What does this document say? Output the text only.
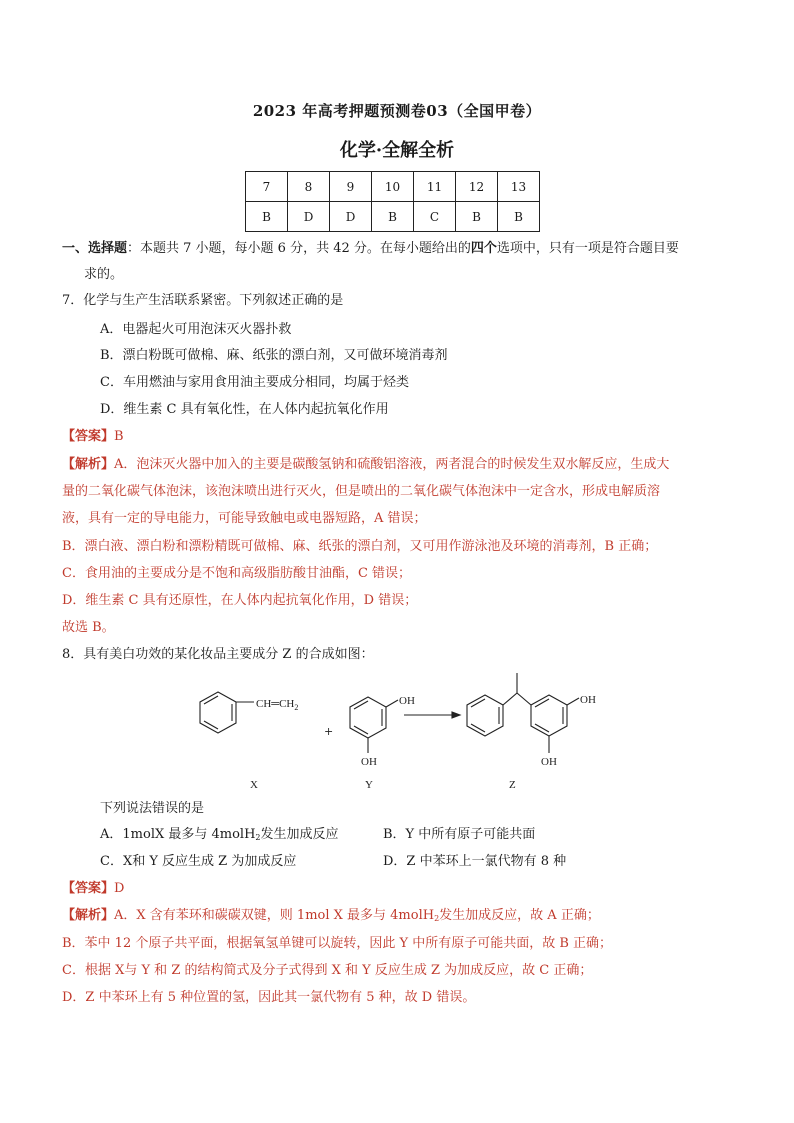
2023 年高考押题预测卷03（全国甲卷）
化学·全解全析
7	8	9	10	11	12	13
B	D	D	B	C	B	B
一、选择题：本题共 7 小题，每小题 6 分，共 42 分。在每小题给出的四个选项中，只有一项是符合题目要
求的。
7．化学与生产生活联系紧密。下列叙述正确的是
A．电器起火可用泡沫灭火器扑救
B．漂白粉既可做棉、麻、纸张的漂白剂，又可做环境消毒剂
C．车用燃油与家用食用油主要成分相同，均属于烃类
D．维生素 C 具有氧化性，在人体内起抗氧化作用
【答案】B
【解析】A．泡沫灭火器中加入的主要是碳酸氢钠和硫酸铝溶液，两者混合的时候发生双水解反应，生成大
量的二氧化碳气体泡沫，该泡沫喷出进行灭火，但是喷出的二氧化碳气体泡沫中一定含水，形成电解质溶
液，具有一定的导电能力，可能导致触电或电器短路，A 错误；
B．漂白液、漂白粉和漂粉精既可做棉、麻、纸张的漂白剂，又可用作游泳池及环境的消毒剂，B 正确；
C．食用油的主要成分是不饱和高级脂肪酸甘油酯，C 错误；
D．维生素 C 具有还原性，在人体内起抗氧化作用，D 错误；
故选 B。
8．具有美白功效的某化妆品主要成分 Z 的合成如图：
$CH═CH_2$
+
OH
OH
OH
OH
X	Y	Z
下列说法错误的是
A．1molX 最多与 4molH$_2$发生加成反应	B．Y 中所有原子可能共面
C．X和 Y 反应生成 Z 为加成反应	D．Z 中苯环上一氯代物有 8 种
【答案】D
【解析】A．X 含有苯环和碳碳双键，则 1mol X 最多与 4molH$_2$发生加成反应，故 A 正确；
B．苯中 12 个原子共平面，根据氧氢单键可以旋转，因此 Y 中所有原子可能共面，故 B 正确；
C．根据 X与 Y 和 Z 的结构简式及分子式得到 X 和 Y 反应生成 Z 为加成反应，故 C 正确；
D．Z 中苯环上有 5 种位置的氢，因此其一氯代物有 5 种，故 D 错误。
